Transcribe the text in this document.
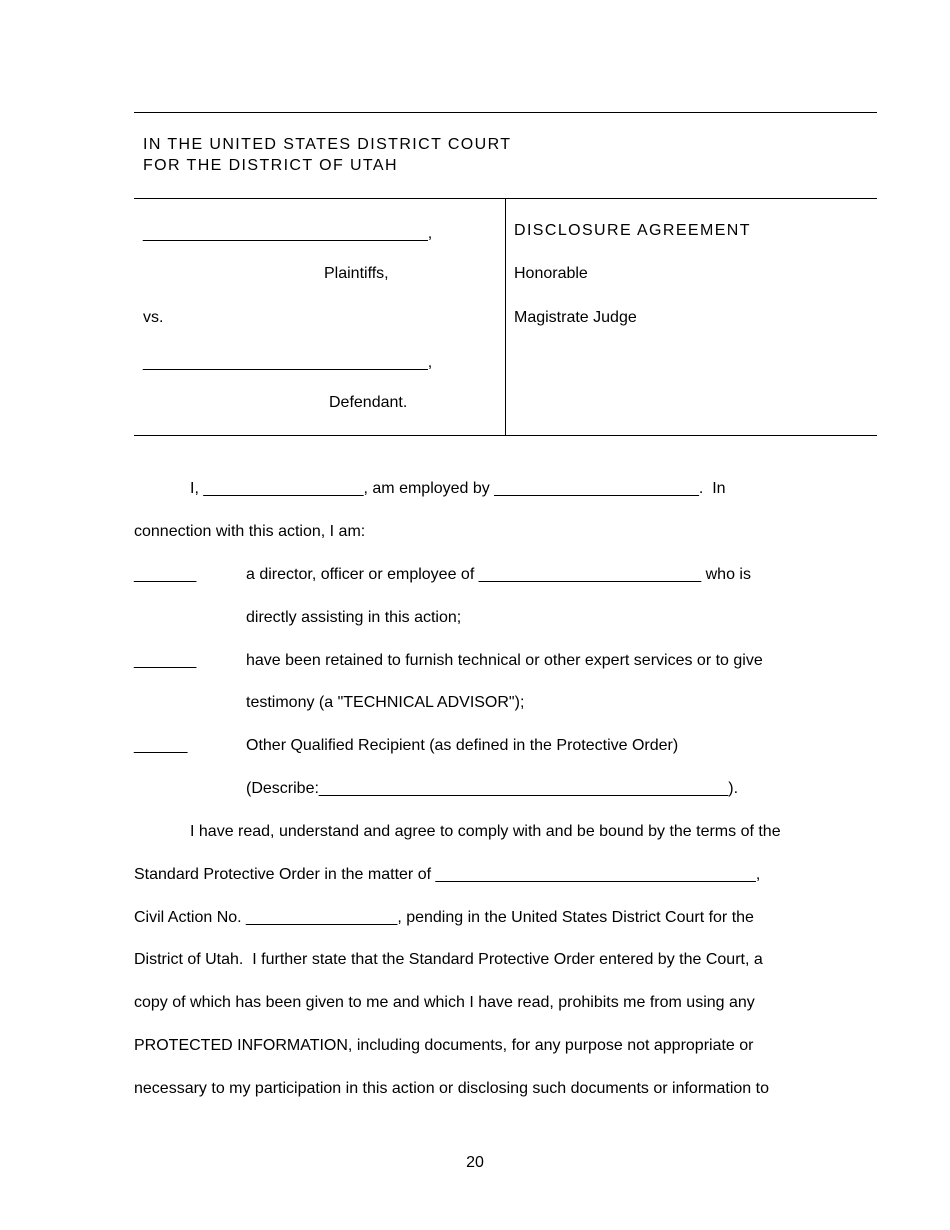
IN THE UNITED STATES DISTRICT COURT
FOR THE DISTRICT OF UTAH
________________________________,
Plaintiffs,
vs.
________________________________,
Defendant.
DISCLOSURE AGREEMENT
Honorable
Magistrate Judge
I, __________________, am employed by _______________________.  In
connection with this action, I am:
_______	a director, officer or employee of _________________________ who is
directly assisting in this action;
_______	have been retained to furnish technical or other expert services or to give
testimony (a "TECHNICAL ADVISOR");
______	Other Qualified Recipient (as defined in the Protective Order)
(Describe:______________________________________________).
I have read, understand and agree to comply with and be bound by the terms of the
Standard Protective Order in the matter of ____________________________________,
Civil Action No. _________________, pending in the United States District Court for the
District of Utah.  I further state that the Standard Protective Order entered by the Court, a
copy of which has been given to me and which I have read, prohibits me from using any
PROTECTED INFORMATION, including documents, for any purpose not appropriate or
necessary to my participation in this action or disclosing such documents or information to
20
